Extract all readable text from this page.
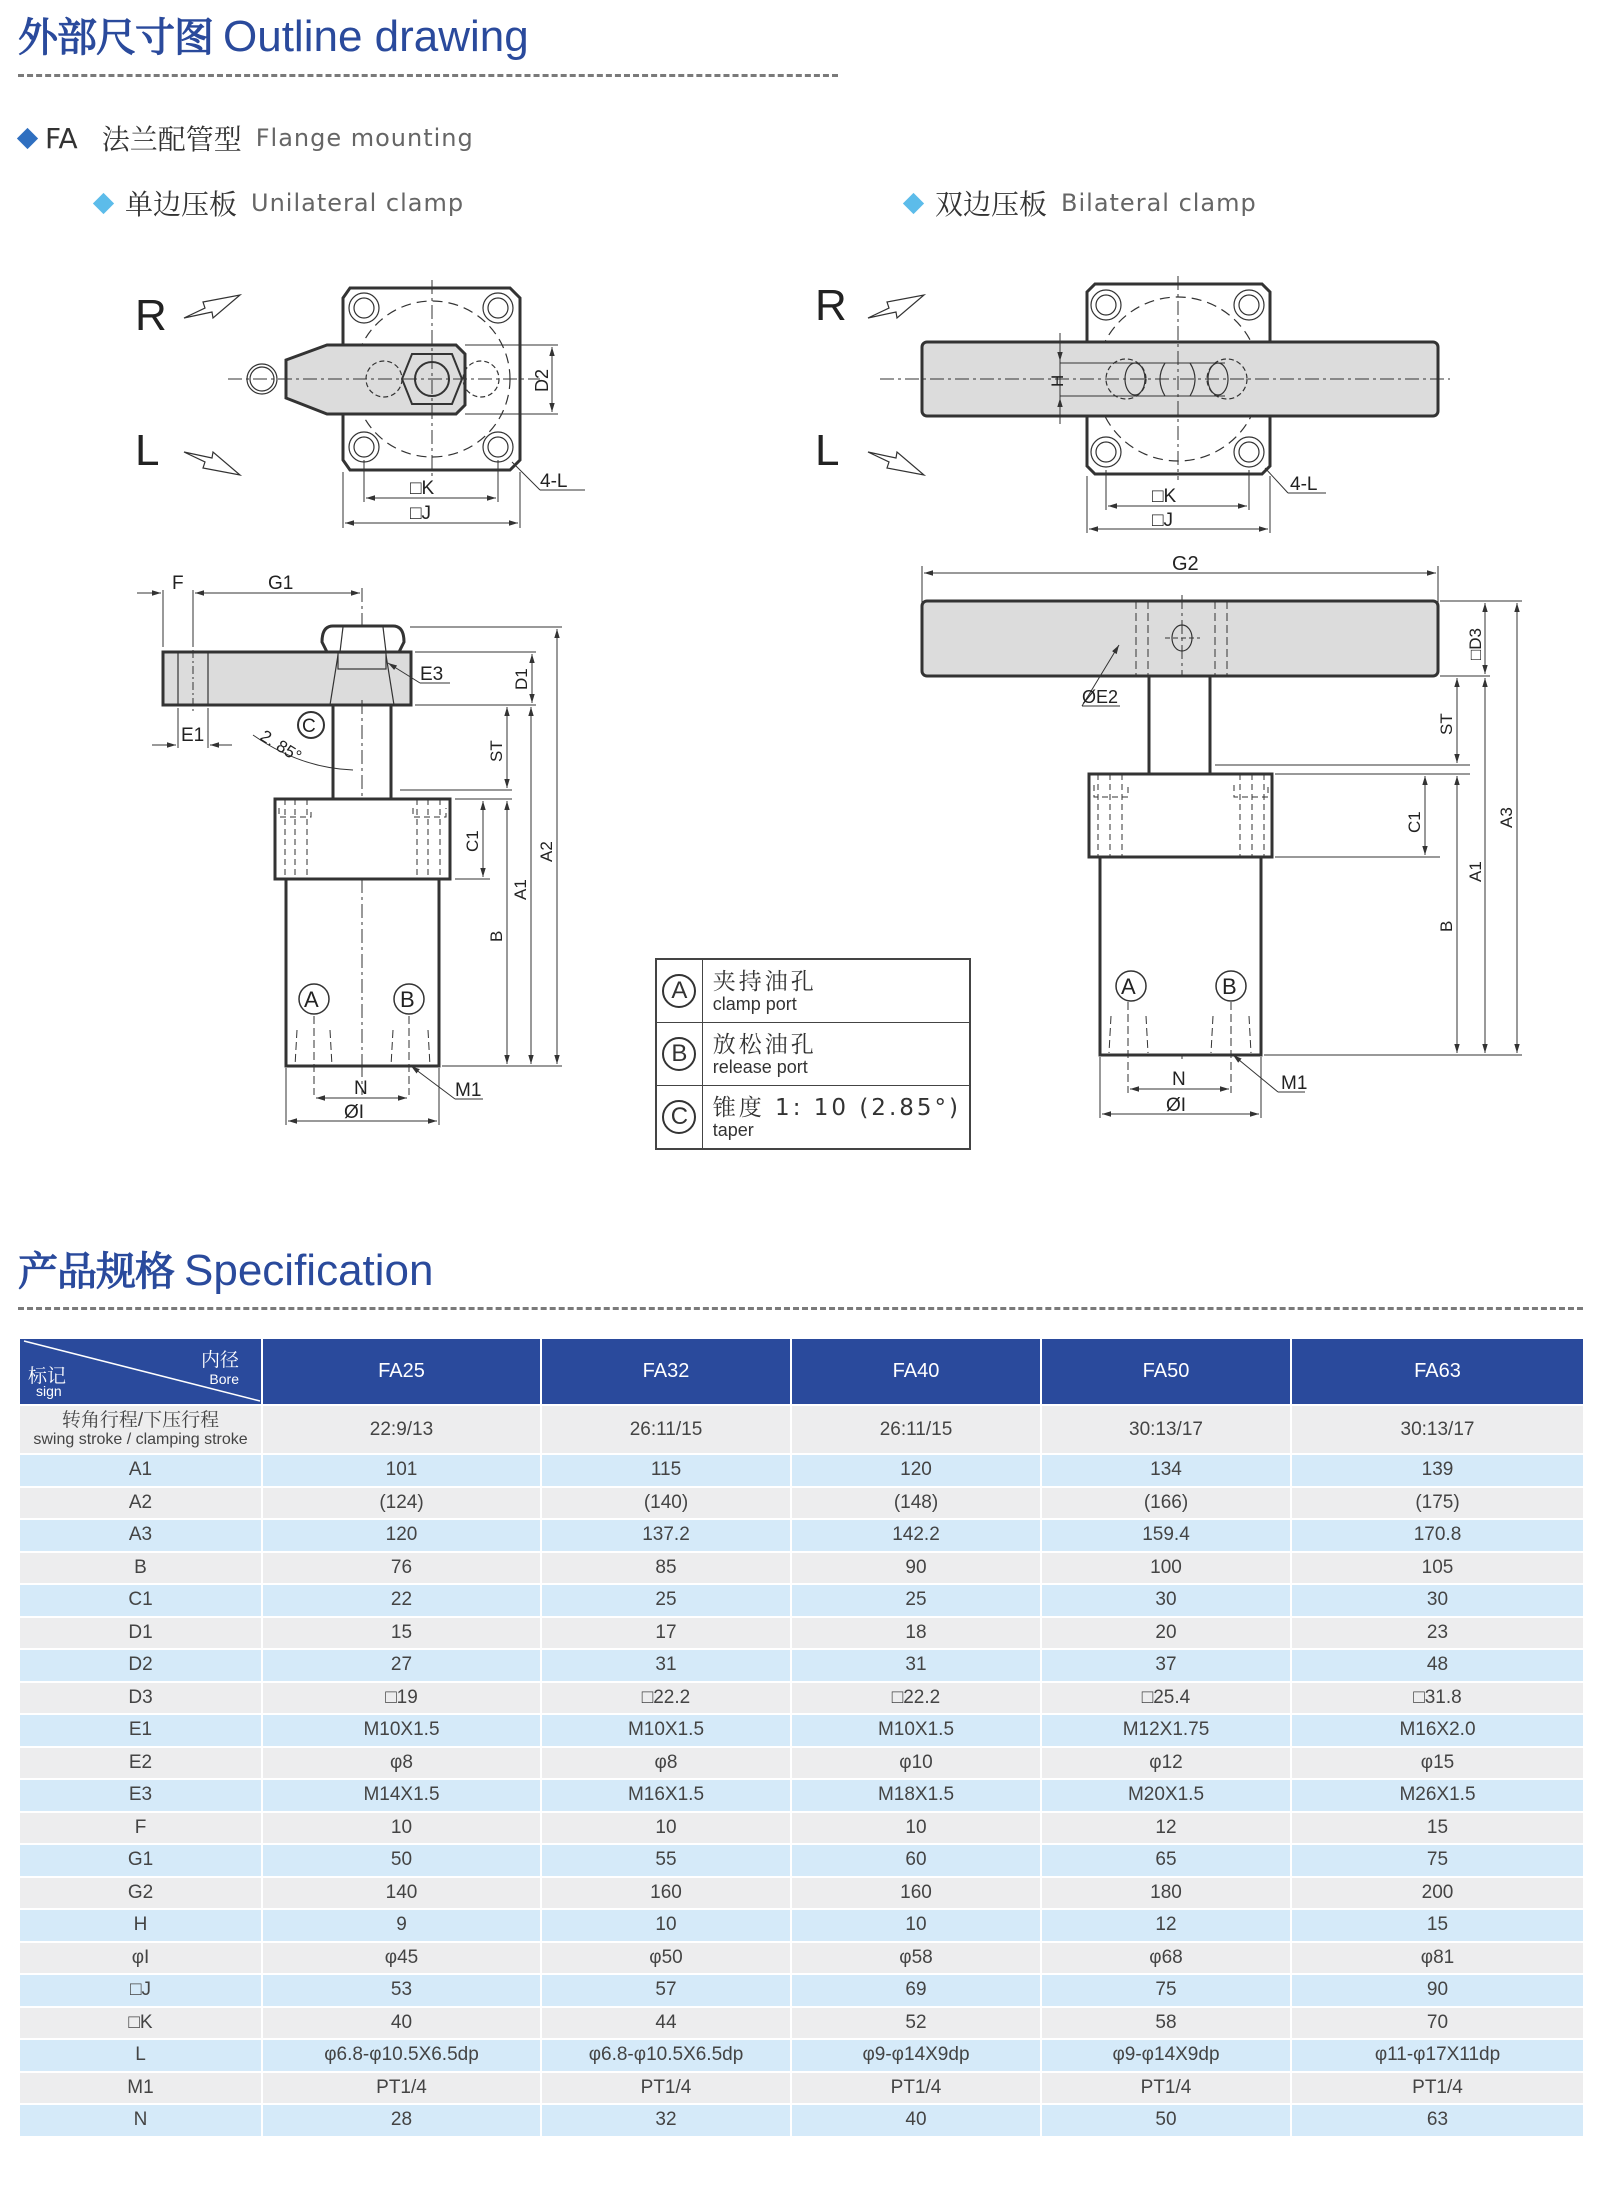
外部尺寸图 Outline drawing
FA 法兰配管型 Flange mounting
单边压板 Unilateral clamp	双边压板 Bilateral clamp
R
L
D2
□K
□J
4-L
F	G1
E3
E1	C
2. 85°
A	B
N
ØI
M1
D1
ST
C1
B
A1
A2
R
L
H
□K
□J
4-L
G2
ØE2
A	B
N
ØI
M1
□D3
ST
C1
B
A1
A3
A	夹持油孔
clamp port

B	放松油孔
release port

C	锥度 1: 10 (2.85°)
taper
产品规格 Specification
内径
Bore
标记
sign	FA25	FA32	FA40	FA50	FA63

转角行程/下压行程
swing stroke / clamping stroke	22:9/13	26:11/15	26:11/15	30:13/17	30:13/17
A1	101	115	120	134	139
A2	(124)	(140)	(148)	(166)	(175)
A3	120	137.2	142.2	159.4	170.8
B	76	85	90	100	105
C1	22	25	25	30	30
D1	15	17	18	20	23
D2	27	31	31	37	48
D3	□19	□22.2	□22.2	□25.4	□31.8
E1	M10X1.5	M10X1.5	M10X1.5	M12X1.75	M16X2.0
E2	φ8	φ8	φ10	φ12	φ15
E3	M14X1.5	M16X1.5	M18X1.5	M20X1.5	M26X1.5
F	10	10	10	12	15
G1	50	55	60	65	75
G2	140	160	160	180	200
H	9	10	10	12	15
φI	φ45	φ50	φ58	φ68	φ81
□J	53	57	69	75	90
□K	40	44	52	58	70
L	φ6.8-φ10.5X6.5dp	φ6.8-φ10.5X6.5dp	φ9-φ14X9dp	φ9-φ14X9dp	φ11-φ17X11dp
M1	PT1/4	PT1/4	PT1/4	PT1/4	PT1/4
N	28	32	40	50	63
